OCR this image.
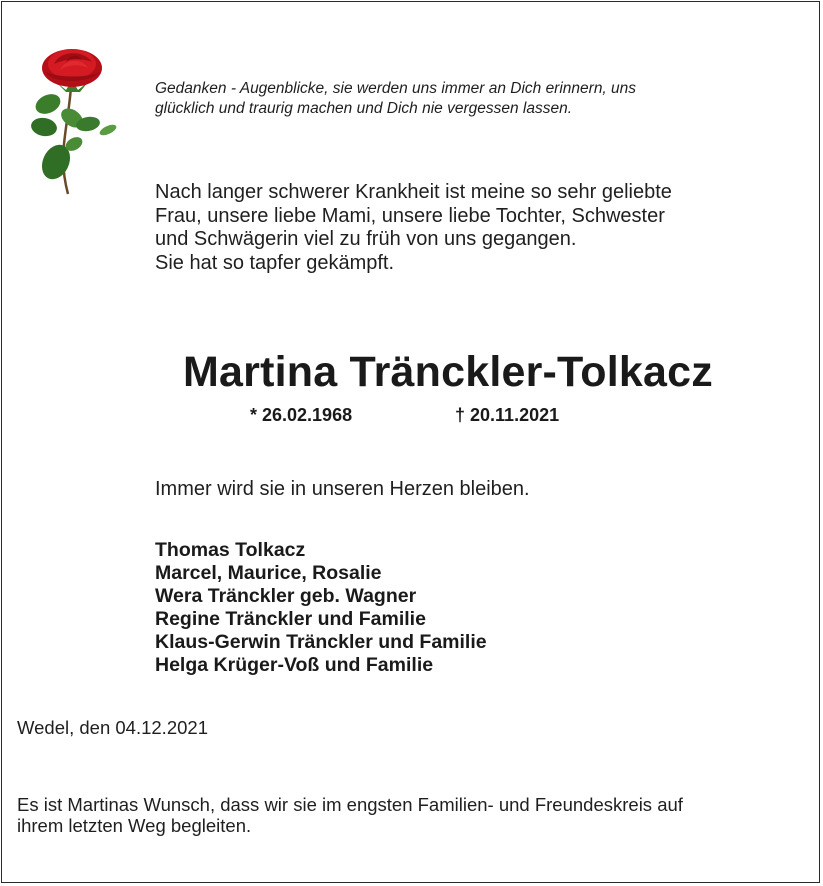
Gedanken - Augenblicke, sie werden uns immer an Dich erinnern, uns
glücklich und traurig machen und Dich nie vergessen lassen.
Nach langer schwerer Krankheit ist meine so sehr geliebte
Frau, unsere liebe Mami, unsere liebe Tochter, Schwester
und Schwägerin viel zu früh von uns gegangen.
Sie hat so tapfer gekämpft.
Martina Tränckler-Tolkacz
* 26.02.1968	† 20.11.2021
Immer wird sie in unseren Herzen bleiben.
Thomas Tolkacz
Marcel, Maurice, Rosalie
Wera Tränckler geb. Wagner
Regine Tränckler und Familie
Klaus-Gerwin Tränckler und Familie
Helga Krüger-Voß und Familie
Wedel, den 04.12.2021
Es ist Martinas Wunsch, dass wir sie im engsten Familien- und Freundeskreis auf
ihrem letzten Weg begleiten.
